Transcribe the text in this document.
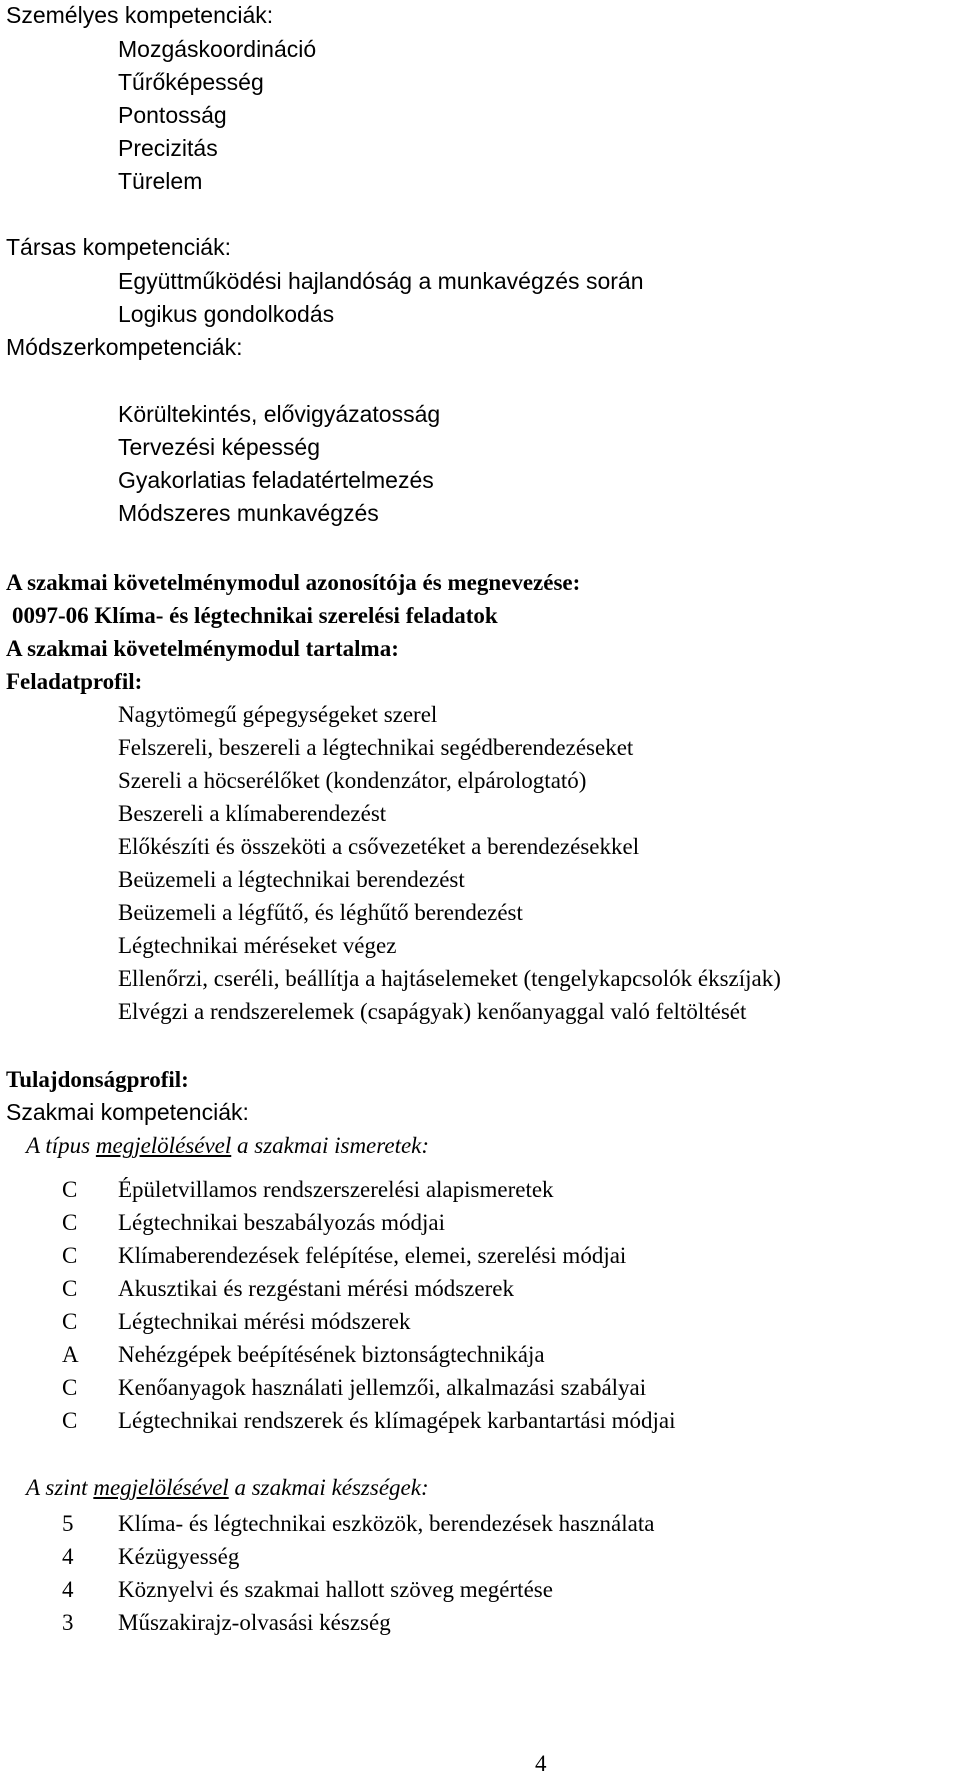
Személyes kompetenciák:
Mozgáskoordináció
Tűrőképesség
Pontosság
Precizitás
Türelem
Társas kompetenciák:
Együttműködési hajlandóság a munkavégzés során
Logikus gondolkodás
Módszerkompetenciák:
Körültekintés, elővigyázatosság
Tervezési képesség
Gyakorlatias feladatértelmezés
Módszeres munkavégzés
A szakmai követelménymodul azonosítója és megnevezése:
0097-06 Klíma- és légtechnikai szerelési feladatok
A szakmai követelménymodul tartalma:
Feladatprofil:
Nagytömegű gépegységeket szerel
Felszereli, beszereli a légtechnikai segédberendezéseket
Szereli a höcserélőket (kondenzátor, elpárologtató)
Beszereli a klímaberendezést
Előkészíti és összeköti a csővezetéket a berendezésekkel
Beüzemeli a légtechnikai berendezést
Beüzemeli a légfűtő, és léghűtő berendezést
Légtechnikai méréseket végez
Ellenőrzi, cseréli, beállítja a hajtáselemeket (tengelykapcsolók ékszíjak)
Elvégzi a rendszerelemek (csapágyak) kenőanyaggal való feltöltését
Tulajdonságprofil:
Szakmai kompetenciák:
A típus megjelölésével a szakmai ismeretek:
C Épületvillamos rendszerszerelési alapismeretek
C Légtechnikai beszabályozás módjai
C Klímaberendezések felépítése, elemei, szerelési módjai
C Akusztikai és rezgéstani mérési módszerek
C Légtechnikai mérési módszerek
A Nehézgépek beépítésének biztonságtechnikája
C Kenőanyagok használati jellemzői, alkalmazási szabályai
C Légtechnikai rendszerek és klímagépek karbantartási módjai
A szint megjelölésével a szakmai készségek:
5 Klíma- és légtechnikai eszközök, berendezések használata
4 Kézügyesség
4 Köznyelvi és szakmai hallott szöveg megértése
3 Műszakirajz-olvasási készség
4
